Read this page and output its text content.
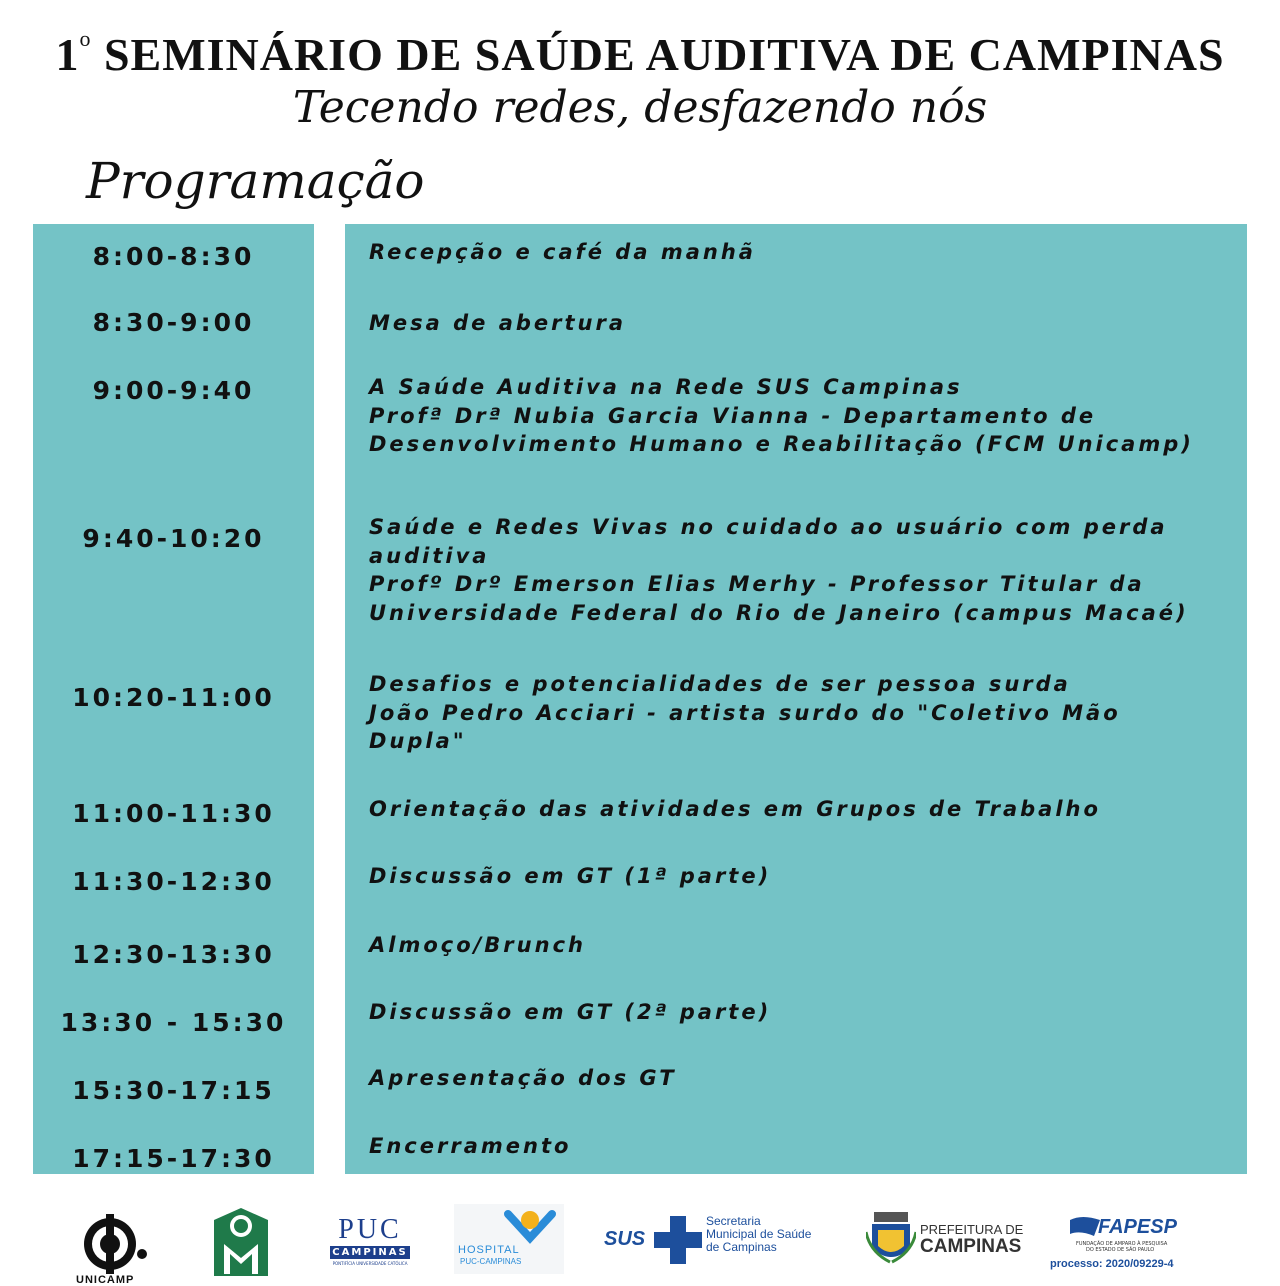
1$^o$ SEMINÁRIO DE SAÚDE AUDITIVA DE CAMPINAS
Tecendo redes, desfazendo nós
Programação
8:00-8:30
8:30-9:00
9:00-9:40
9:40-10:20
10:20-11:00
11:00-11:30
11:30-12:30
12:30-13:30
13:30 - 15:30
15:30-17:15
17:15-17:30
Recepção e café da manhã
Mesa de abertura
A Saúde Auditiva na Rede SUS Campinas
Profª Drª Nubia Garcia Vianna - Departamento de
Desenvolvimento Humano e Reabilitação (FCM Unicamp)
Saúde e Redes Vivas no cuidado ao usuário com perda
auditiva
Profº Drº Emerson Elias Merhy - Professor Titular da
Universidade Federal do Rio de Janeiro (campus Macaé)
Desafios e potencialidades de ser pessoa surda
João Pedro Acciari - artista surdo do "Coletivo Mão
Dupla"
Orientação das atividades em Grupos de Trabalho
Discussão em GT (1ª parte)
Almoço/Brunch
Discussão em GT (2ª parte)
Apresentação dos GT
Encerramento
UNICAMP
PUC
CAMPINAS
PONTIFÍCIA UNIVERSIDADE CATÓLICA
HOSPITAL
PUC-CAMPINAS
SUS
Secretaria
Municipal de Saúde
de Campinas
PREFEITURA DE
CAMPINAS
FAPESP
FUNDAÇÃO DE AMPARO À PESQUISA
DO ESTADO DE SÃO PAULO
processo: 2020/09229-4
